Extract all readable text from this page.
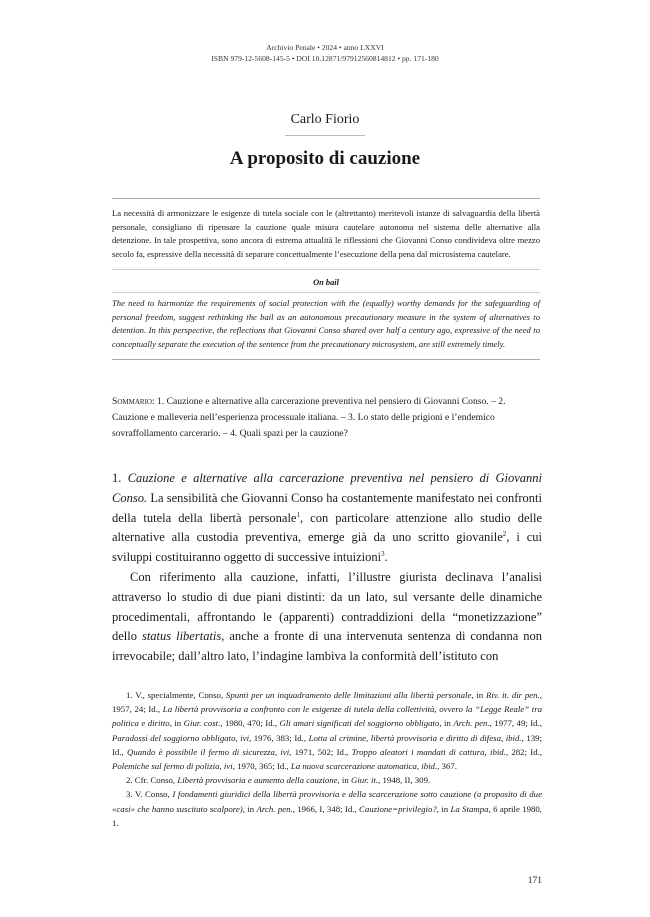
Archivio Penale • 2024 • anno LXXVI
ISBN 979-12-5608-145-5 • DOI 10.12871/97912560814812 • pp. 171-180
Carlo Fiorio
A proposito di cauzione
La necessità di armonizzare le esigenze di tutela sociale con le (altrettanto) meritevoli istanze di salvaguardia della libertà personale, consigliano di ripensare la cauzione quale misura cautelare autonoma nel sistema delle alternative alla detenzione. In tale prospettiva, sono ancora di estrema attualità le riflessioni che Giovanni Conso condivideva oltre mezzo secolo fa, espressive della necessità di separare concettualmente l’esecuzione della pena dal microsistema cautelare.
On bail
The need to harmonize the requirements of social protection with the (equally) worthy demands for the safeguarding of personal freedom, suggest rethinking the bail as an autonomous precautionary measure in the system of alternatives to detention. In this perspective, the reflections that Giovanni Conso shared over half a century ago, expressive of the need to conceptually separate the execution of the sentence from the precautionary microsystem, are still extremely timely.
Sommario: 1. Cauzione e alternative alla carcerazione preventiva nel pensiero di Giovanni Conso. – 2. Cauzione e malleveria nell’esperienza processuale italiana. – 3. Lo stato delle prigioni e l’endemico sovraffollamento carcerario. – 4. Quali spazi per la cauzione?

1. Cauzione e alternative alla carcerazione preventiva nel pensiero di Giovanni Conso. La sensibilità che Giovanni Conso ha costantemente manifestato nei confronti della tutela della libertà personale$^1$, con particolare attenzione allo studio delle alternative alla custodia preventiva, emerge già da uno scritto giovanile$^2$, i cui sviluppi costituiranno oggetto di successive intuizioni$^3$.

Con riferimento alla cauzione, infatti, l’illustre giurista declinava l’analisi attraverso lo studio di due piani distinti: da un lato, sul versante delle dinamiche procedimentali, affrontando le (apparenti) contraddizioni della “monetizzazione” dello status libertatis, anche a fronte di una intervenuta sentenza di condanna non irrevocabile; dall’altro lato, l’indagine lambiva la conformità dell’istituto con

1. V., specialmente, Conso, Spunti per un inquadramento delle limitazioni alla libertà personale, in Riv. it. dir pen., 1957, 24; Id., La libertà provvisoria a confronto con le esigenze di tutela della collettività, ovvero la “Legge Reale” tra politica e diritto, in Giur. cost., 1980, 470; Id., Gli amari significati del soggiorno obbligato, in Arch. pen., 1977, 49; Id., Paradossi del soggiorno obbligato, ivi, 1976, 383; Id., Lotta al crimine, libertà provvisoria e diritto di difesa, ibid., 139; Id., Quando è possibile il fermo di sicurezza, ivi, 1971, 502; Id., Troppo aleatori i mandati di cattura, ibid., 282; Id., Polemiche sul fermo di polizia, ivi, 1970, 365; Id., La nuova scarcerazione automatica, ibid., 367.

2. Cfr. Conso, Libertà provvisoria e aumento della cauzione, in Giur. it., 1948, II, 309.

3. V. Conso, I fondamenti giuridici della libertà provvisoria e della scarcerazione sotto cauzione (a proposito di due «casi» che hanno suscitato scalpore), in Arch. pen., 1966, I, 348; Id., Cauzione=privilegio?, in La Stampa, 6 aprile 1980, 1.

171
